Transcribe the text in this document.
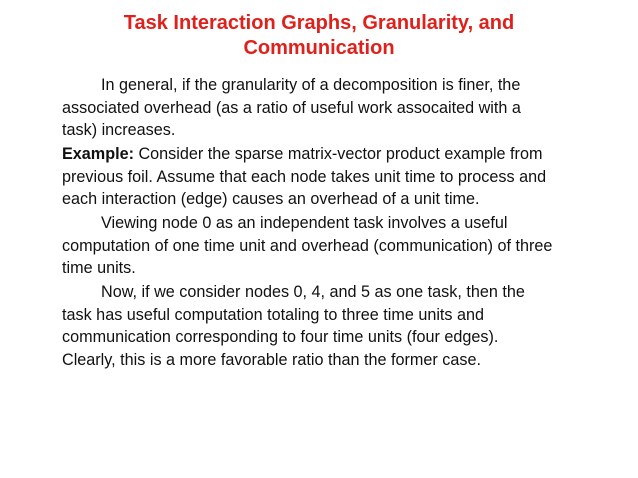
Task Interaction Graphs, Granularity, and
Communication

In general, if the granularity of a decomposition is finer, the
associated overhead (as a ratio of useful work assocaited with a
task) increases.

Example: Consider the sparse matrix-vector product example from
previous foil. Assume that each node takes unit time to process and
each interaction (edge) causes an overhead of a unit time.

Viewing node 0 as an independent task involves a useful
computation of one time unit and overhead (communication) of three
time units.

Now, if we consider nodes 0, 4, and 5 as one task, then the
task has useful computation totaling to three time units and
communication corresponding to four time units (four edges).
Clearly, this is a more favorable ratio than the former case.
